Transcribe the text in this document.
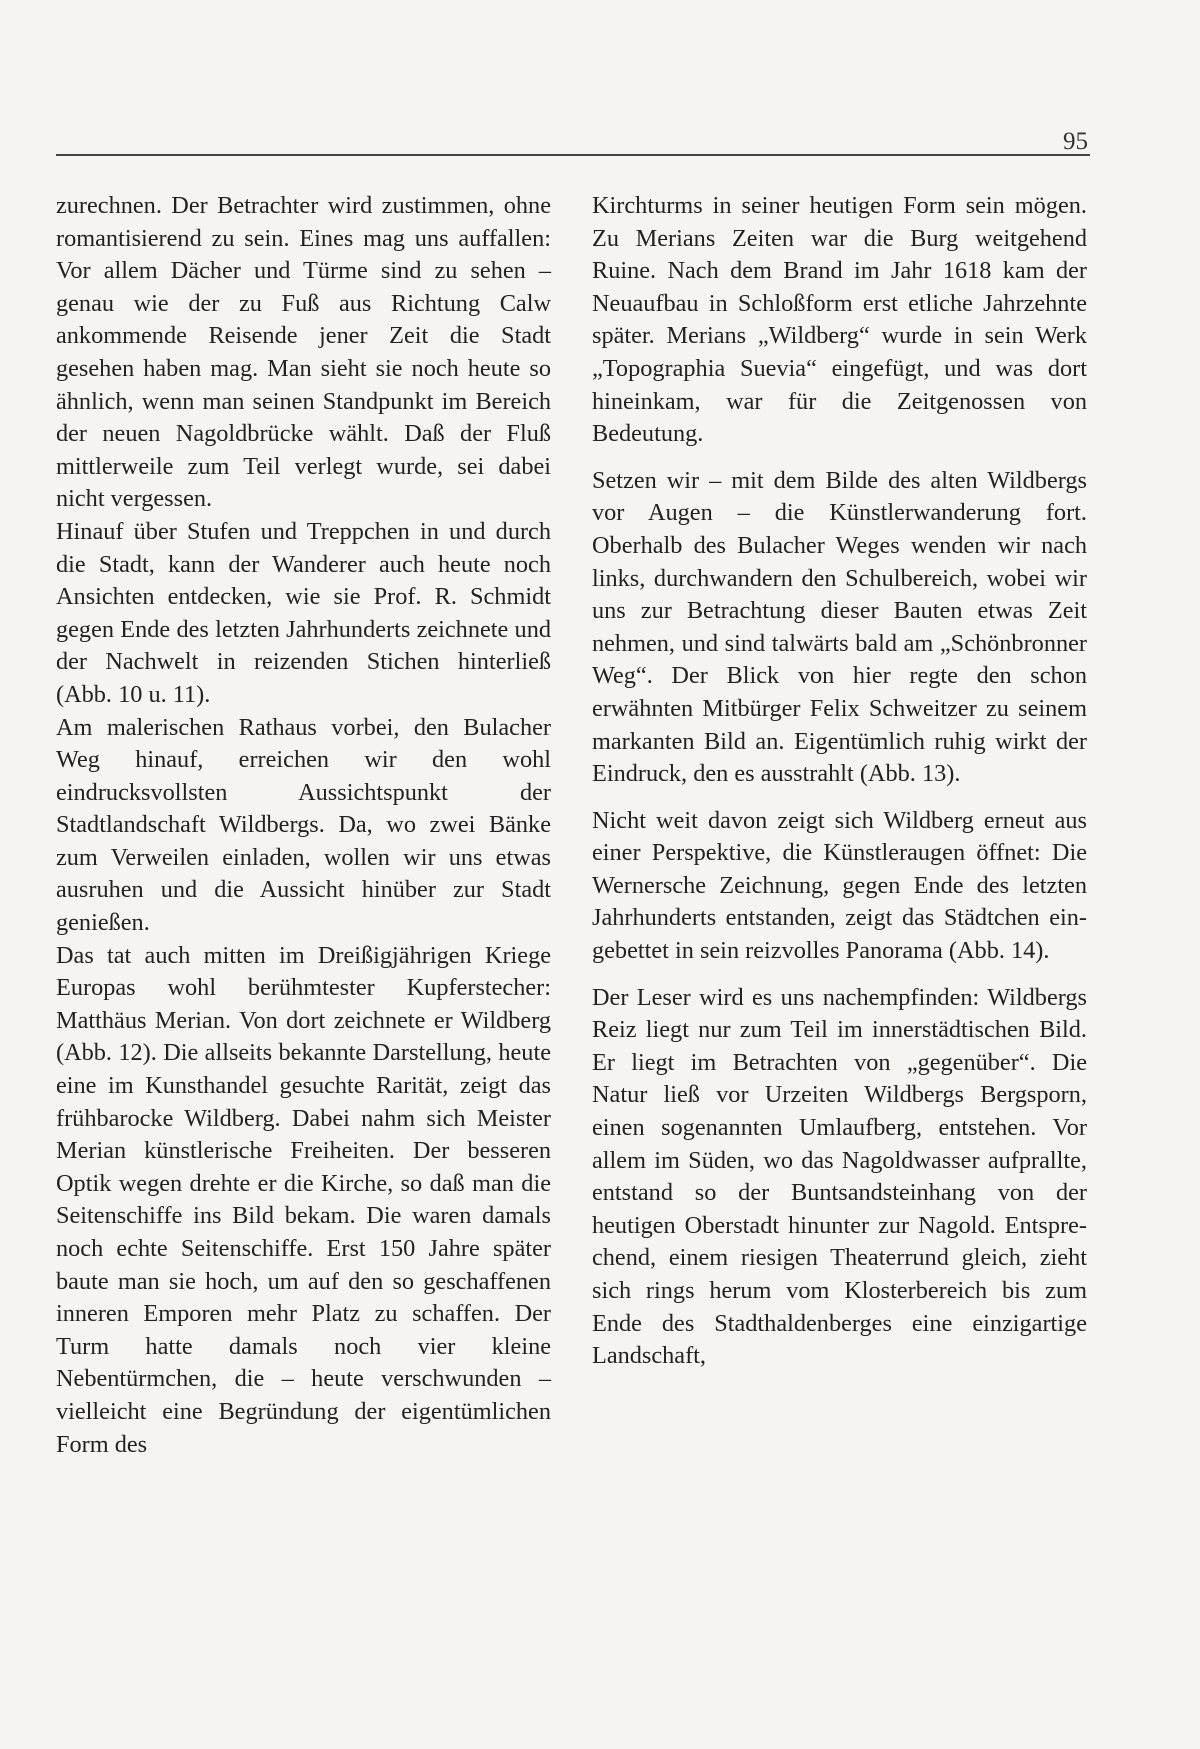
95

zurechnen. Der Betrachter wird zustimmen, ohne romantisierend zu sein. Eines mag uns auffallen: Vor allem Dächer und Türme sind zu sehen – genau wie der zu Fuß aus Richtung Calw ankommende Reisende jener Zeit die Stadt gesehen haben mag. Man sieht sie noch heute so ähnlich, wenn man seinen Standpunkt im Bereich der neuen Nagoldbrücke wählt. Daß der Fluß mittlerweile zum Teil verlegt wurde, sei dabei nicht vergessen.

Hinauf über Stufen und Treppchen in und durch die Stadt, kann der Wanderer auch heute noch Ansichten entdecken, wie sie Prof. R. Schmidt gegen Ende des letzten Jahrhunderts zeichnete und der Nachwelt in reizenden Stichen hinterließ (Abb. 10 u. 11).

Am malerischen Rathaus vorbei, den Bulacher Weg hinauf, erreichen wir den wohl eindrucksvollsten Aussichtspunkt der Stadtlandschaft Wildbergs. Da, wo zwei Bänke zum Verweilen einladen, wollen wir uns etwas ausruhen und die Aussicht hinüber zur Stadt genießen.

Das tat auch mitten im Dreißigjährigen Kriege Europas wohl berühmtester Kupferstecher: Matthäus Merian. Von dort zeichnete er Wildberg (Abb. 12). Die allseits bekannte Darstellung, heute eine im Kunsthandel gesuchte Rarität, zeigt das frühbarocke Wildberg. Dabei nahm sich Meister Merian künstlerische Freiheiten. Der besseren Optik wegen drehte er die Kirche, so daß man die Seitenschiffe ins Bild bekam. Die waren damals noch echte Seitenschiffe. Erst 150 Jahre später baute man sie hoch, um auf den so geschaffenen inneren Emporen mehr Platz zu schaffen. Der Turm hatte damals noch vier kleine Nebentürmchen, die – heute verschwunden – vielleicht eine Begründung der eigentümlichen Form des

Kirchturms in seiner heutigen Form sein mögen. Zu Merians Zeiten war die Burg weitgehend Ruine. Nach dem Brand im Jahr 1618 kam der Neuaufbau in Schloßform erst etliche Jahrzehnte später. Merians „Wildberg“ wurde in sein Werk „Topographia Suevia“ eingefügt, und was dort hineinkam, war für die Zeitgenossen von Bedeutung.

Setzen wir – mit dem Bilde des alten Wildbergs vor Augen – die Künstlerwanderung fort. Oberhalb des Bulacher Weges wenden wir nach links, durchwandern den Schulbereich, wobei wir uns zur Betrachtung dieser Bauten etwas Zeit nehmen, und sind talwärts bald am „Schönbronner Weg“. Der Blick von hier regte den schon erwähnten Mitbürger Felix Schweitzer zu seinem markanten Bild an. Eigentümlich ruhig wirkt der Eindruck, den es ausstrahlt (Abb. 13).

Nicht weit davon zeigt sich Wildberg erneut aus einer Perspektive, die Künstleraugen öffnet: Die Wernersche Zeichnung, gegen Ende des letzten Jahrhunderts entstanden, zeigt das Städtchen eingebettet in sein reizvolles Panorama (Abb. 14).

Der Leser wird es uns nachempfinden: Wildbergs Reiz liegt nur zum Teil im innerstädtischen Bild. Er liegt im Betrachten von „gegenüber“. Die Natur ließ vor Urzeiten Wildbergs Bergsporn, einen sogenannten Umlaufberg, entstehen. Vor allem im Süden, wo das Nagoldwasser aufprallte, entstand so der Buntsandsteinhang von der heutigen Oberstadt hinunter zur Nagold. Entsprechend, einem riesigen Theaterrund gleich, zieht sich rings herum vom Klosterbereich bis zum Ende des Stadthaldenberges eine einzigartige Landschaft,
